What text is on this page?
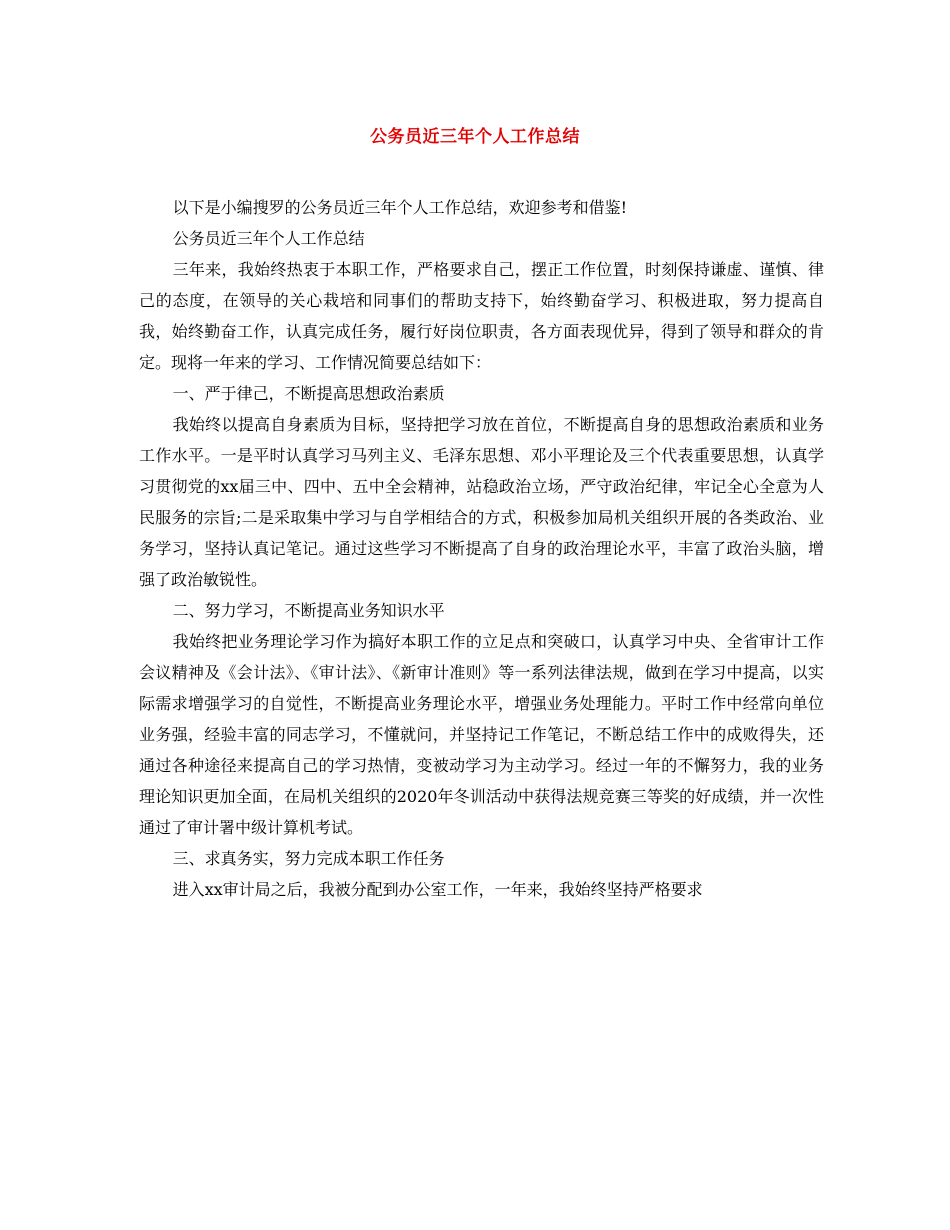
公务员近三年个人工作总结

以下是小编搜罗的公务员近三年个人工作总结，欢迎参考和借鉴!

公务员近三年个人工作总结

三年来，我始终热衷于本职工作，严格要求自己，摆正工作位置，时刻保持谦虚、谨慎、律己的态度，在领导的关心栽培和同事们的帮助支持下，始终勤奋学习、积极进取，努力提高自我，始终勤奋工作，认真完成任务，履行好岗位职责，各方面表现优异，得到了领导和群众的肯定。现将一年来的学习、工作情况简要总结如下：

一、严于律己，不断提高思想政治素质

我始终以提高自身素质为目标，坚持把学习放在首位，不断提高自身的思想政治素质和业务工作水平。一是平时认真学习马列主义、毛泽东思想、邓小平理论及三个代表重要思想，认真学习贯彻党的xx届三中、四中、五中全会精神，站稳政治立场，严守政治纪律，牢记全心全意为人民服务的宗旨;二是采取集中学习与自学相结合的方式，积极参加局机关组织开展的各类政治、业务学习，坚持认真记笔记。通过这些学习不断提高了自身的政治理论水平，丰富了政治头脑，增强了政治敏锐性。

二、努力学习，不断提高业务知识水平

我始终把业务理论学习作为搞好本职工作的立足点和突破口，认真学习中央、全省审计工作会议精神及《会计法》、《审计法》、《新审计准则》等一系列法律法规，做到在学习中提高，以实际需求增强学习的自觉性，不断提高业务理论水平，增强业务处理能力。平时工作中经常向单位业务强，经验丰富的同志学习，不懂就问，并坚持记工作笔记，不断总结工作中的成败得失，还通过各种途径来提高自己的学习热情，变被动学习为主动学习。经过一年的不懈努力，我的业务理论知识更加全面，在局机关组织的2020年冬训活动中获得法规竞赛三等奖的好成绩，并一次性通过了审计署中级计算机考试。

三、求真务实，努力完成本职工作任务

进入xx审计局之后，我被分配到办公室工作，一年来，我始终坚持严格要求
